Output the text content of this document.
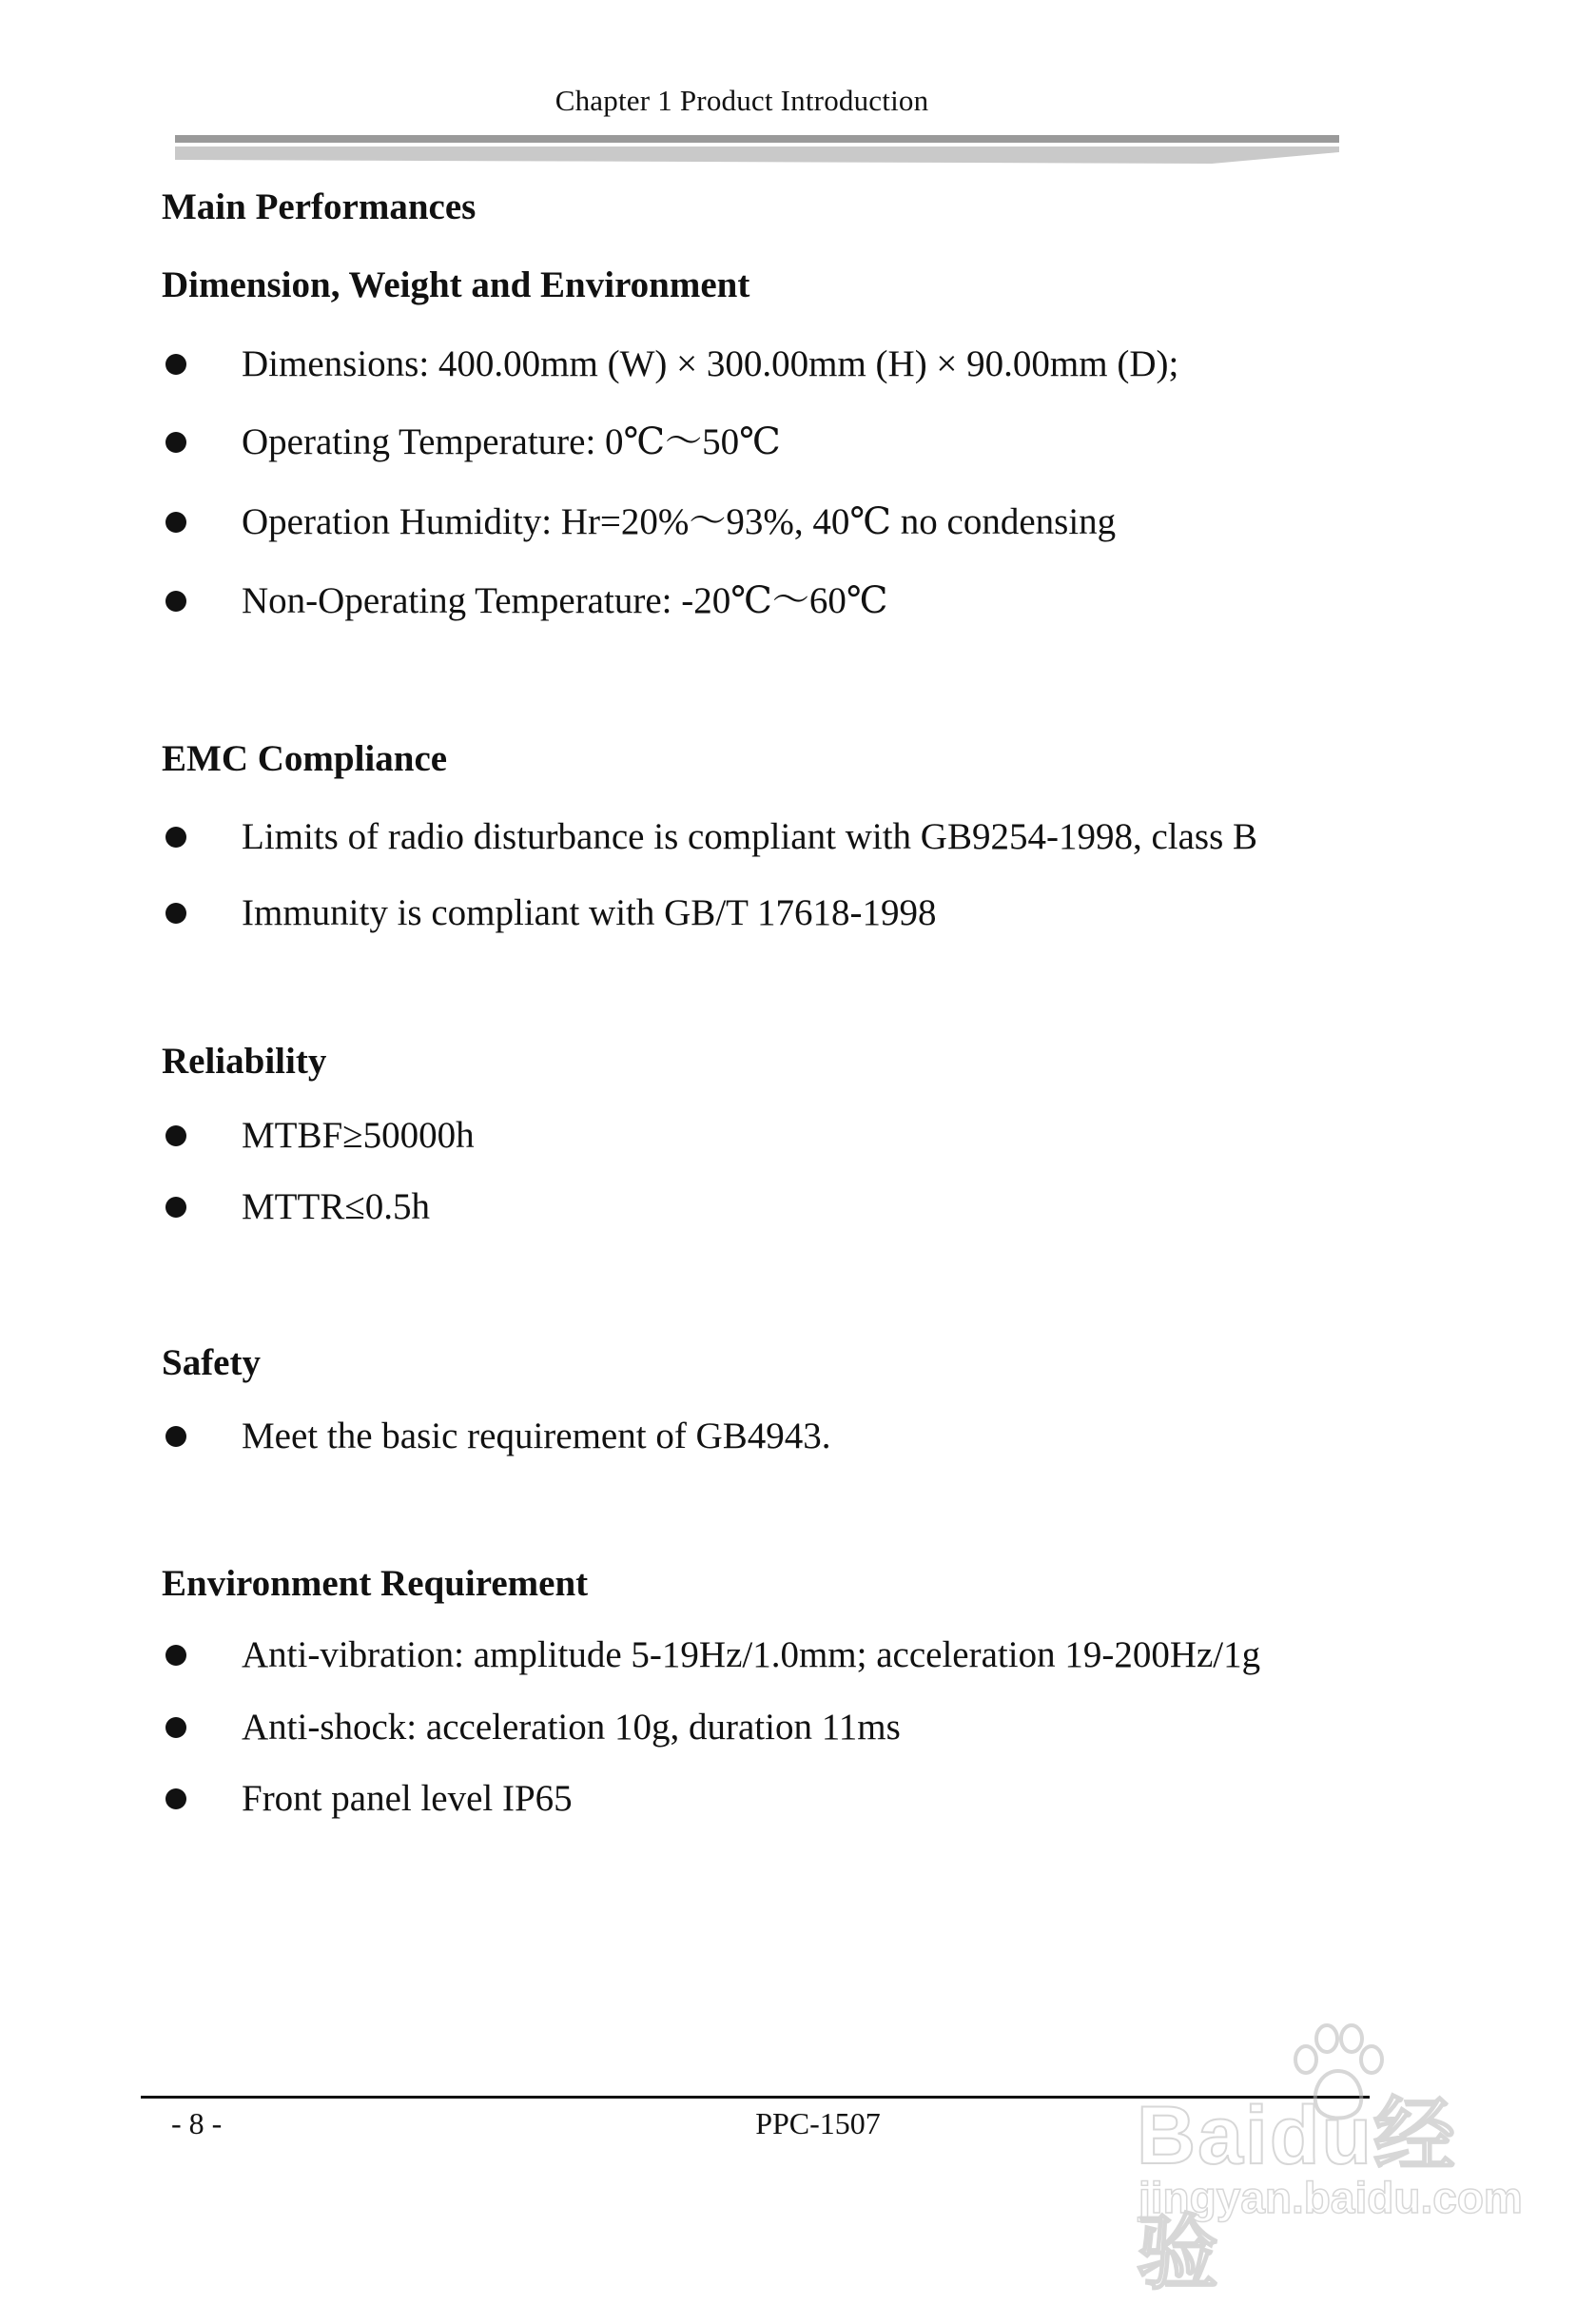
Chapter 1 Product Introduction
Main Performances
Dimension, Weight and Environment
Dimensions: 400.00mm (W) × 300.00mm (H) × 90.00mm (D);
Operating Temperature: 0℃～50℃
Operation Humidity: Hr=20%～93%, 40℃ no condensing
Non-Operating Temperature: -20℃～60℃
EMC Compliance
Limits of radio disturbance is compliant with GB9254-1998, class B
Immunity is compliant with GB/T 17618-1998
Reliability
MTBF≥50000h
MTTR≤0.5h
Safety
Meet the basic requirement of GB4943.
Environment Requirement
Anti-vibration: amplitude 5-19Hz/1.0mm; acceleration 19-200Hz/1g
Anti-shock: acceleration 10g, duration 11ms
Front panel level IP65
- 8 -	PPC-1507	Baidu经验
jingyan.baidu.com
